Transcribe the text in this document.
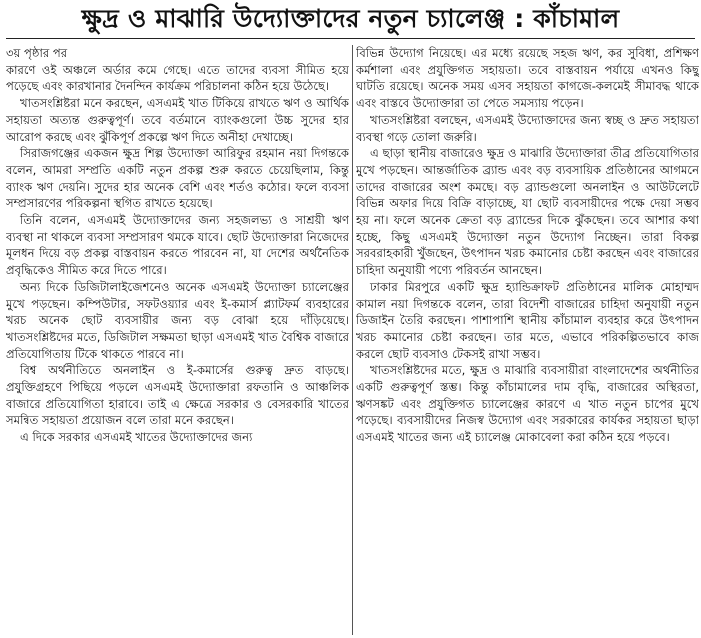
ক্ষুদ্র ও মাঝারি উদ্যোক্তাদের নতুন চ্যালেঞ্জ : কাঁচামাল

৩য় পৃষ্ঠার পর

কারণে ওই অঞ্চলে অর্ডার কমে গেছে। এতে তাদের ব্যবসা সীমিত হয়ে পড়েছে এবং কারখানার দৈনন্দিন কার্যক্রম পরিচালনা কঠিন হয়ে উঠেছে।

খাতসংশ্লিষ্টরা মনে করছেন, এসএমই খাত টিকিয়ে রাখতে ঋণ ও আর্থিক সহায়তা অত্যন্ত গুরুত্বপূর্ণ। তবে বর্তমানে ব্যাংকগুলো উচ্চ সুদের হার আরোপ করছে এবং ঝুঁকিপূর্ণ প্রকল্পে ঋণ দিতে অনীহা দেখাচ্ছে।

সিরাজগঞ্জের একজন ক্ষুদ্র শিল্প উদ্যোক্তা আরিফুর রহমান নয়া দিগন্তকে বলেন, আমরা সম্প্রতি একটি নতুন প্রকল্প শুরু করতে চেয়েছিলাম, কিন্তু ব্যাংক ঋণ দেয়নি। সুদের হার অনেক বেশি এবং শর্তও কঠোর। ফলে ব্যবসা সম্প্রসারণের পরিকল্পনা স্থগিত রাখতে হয়েছে।

তিনি বলেন, এসএমই উদ্যোক্তাদের জন্য সহজলভ্য ও সাশ্রয়ী ঋণ ব্যবস্থা না থাকলে ব্যবসা সম্প্রসারণ থমকে যাবে। ছোট উদ্যোক্তারা নিজেদের মূলধন দিয়ে বড় প্রকল্প বাস্তবায়ন করতে পারবেন না, যা দেশের অর্থনৈতিক প্রবৃদ্ধিকেও সীমিত করে দিতে পারে।

অন্য দিকে ডিজিটালাইজেশনেও অনেক এসএমই উদ্যোক্তা চ্যালেঞ্জের মুখে পড়ছেন। কম্পিউটার, সফটওয়্যার এবং ই-কমার্স প্ল্যাটফর্ম ব্যবহারের খরচ অনেক ছোট ব্যবসায়ীর জন্য বড় বোঝা হয়ে দাঁড়িয়েছে। খাতসংশ্লিষ্টদের মতে, ডিজিটাল সক্ষমতা ছাড়া এসএমই খাত বৈশ্বিক বাজারে প্রতিযোগিতায় টিকে থাকতে পারবে না।

বিশ্ব অর্থনীতিতে অনলাইন ও ই-কমার্সের গুরুত্ব দ্রুত বাড়ছে। প্রযুক্তিগ্রহণে পিছিয়ে পড়লে এসএমই উদ্যোক্তারা রফতানি ও আঞ্চলিক বাজারে প্রতিযোগিতা হারাবে। তাই এ ক্ষেত্রে সরকার ও বেসরকারি খাতের সমন্বিত সহায়তা প্রয়োজন বলে তারা মনে করছেন।

এ দিকে সরকার এসএমই খাতের উদ্যোক্তাদের জন্য

বিভিন্ন উদ্যোগ নিয়েছে। এর মধ্যে রয়েছে সহজ ঋণ, কর সুবিধা, প্রশিক্ষণ কর্মশালা এবং প্রযুক্তিগত সহায়তা। তবে বাস্তবায়ন পর্যায়ে এখনও কিছু ঘাটতি রয়েছে। অনেক সময় এসব সহায়তা কাগজে-কলমেই সীমাবদ্ধ থাকে এবং বাস্তবে উদ্যোক্তারা তা পেতে সমস্যায় পড়েন।

খাতসংশ্লিষ্টরা বলছেন, এসএমই উদ্যোক্তাদের জন্য স্বচ্ছ ও দ্রুত সহায়তা ব্যবস্থা গড়ে তোলা জরুরি।

এ ছাড়া স্থানীয় বাজারেও ক্ষুদ্র ও মাঝারি উদ্যোক্তারা তীব্র প্রতিযোগিতার মুখে পড়ছেন। আন্তর্জাতিক ব্র্যান্ড এবং বড় ব্যবসায়িক প্রতিষ্ঠানের আগমনে তাদের বাজারের অংশ কমছে। বড় ব্র্যান্ডগুলো অনলাইন ও আউটলেটে বিভিন্ন অফার দিয়ে বিক্রি বাড়াচ্ছে, যা ছোট ব্যবসায়ীদের পক্ষে দেয়া সম্ভব হয় না। ফলে অনেক ক্রেতা বড় ব্র্যান্ডের দিকে ঝুঁকছেন। তবে আশার কথা হচ্ছে, কিছু এসএমই উদ্যোক্তা নতুন উদ্যোগ নিচ্ছেন। তারা বিকল্প সরবরাহকারী খুঁজছেন, উৎপাদন খরচ কমানোর চেষ্টা করছেন এবং বাজারের চাহিদা অনুযায়ী পণ্যে পরিবর্তন আনছেন।

ঢাকার মিরপুরে একটি ক্ষুদ্র হ্যান্ডিক্রাফট প্রতিষ্ঠানের মালিক মোহাম্মদ কামাল নয়া দিগন্তকে বলেন, তারা বিদেশী বাজারের চাহিদা অনুযায়ী নতুন ডিজাইন তৈরি করছেন। পাশাপাশি স্থানীয় কাঁচামাল ব্যবহার করে উৎপাদন খরচ কমানোর চেষ্টা করছেন। তার মতে, এভাবে পরিকল্পিতভাবে কাজ করলে ছোট ব্যবসাও টেকসই রাখা সম্ভব।

খাতসংশ্লিষ্টদের মতে, ক্ষুদ্র ও মাঝারি ব্যবসায়ীরা বাংলাদেশের অর্থনীতির একটি গুরুত্বপূর্ণ স্তম্ভ। কিন্তু কাঁচামালের দাম বৃদ্ধি, বাজারের অস্থিরতা, ঋণসঙ্কট এবং প্রযুক্তিগত চ্যালেঞ্জের কারণে এ খাত নতুন চাপের মুখে পড়েছে। ব্যবসায়ীদের নিজস্ব উদ্যোগ এবং সরকারের কার্যকর সহায়তা ছাড়া এসএমই খাতের জন্য এই চ্যালেঞ্জ মোকাবেলা করা কঠিন হয়ে পড়বে।
